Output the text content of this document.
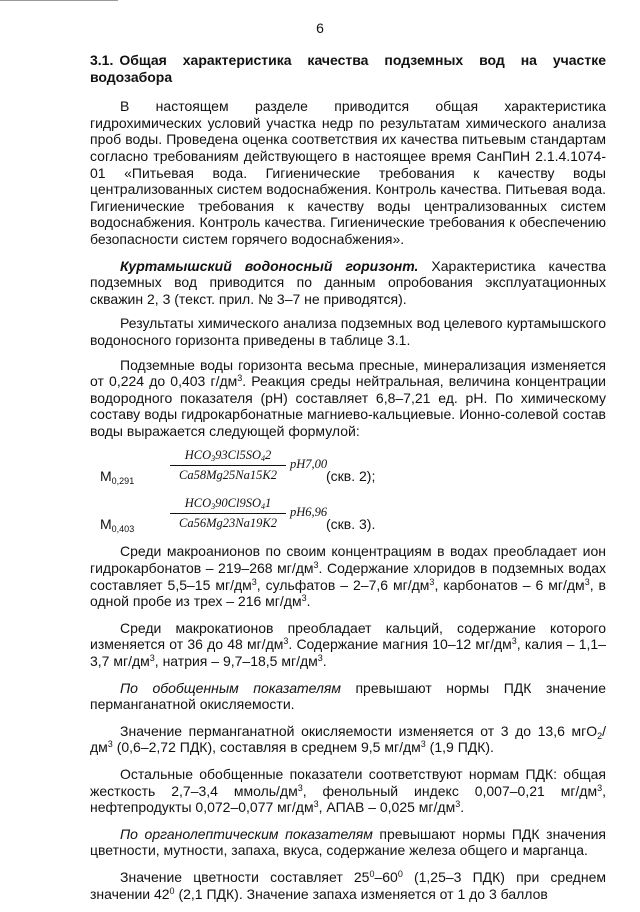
6
3.1. Общая характеристика качества подземных вод на участке водозабора

В настоящем разделе приводится общая характеристика гидрохимических условий участка недр по результатам химического анализа проб воды. Проведена оценка соответствия их качества питьевым стандартам согласно требованиям действующего в настоящее время СанПиН 2.1.4.1074-01 «Питьевая вода. Гигиенические требования к качеству воды централизованных систем водоснабжения. Контроль качества. Питьевая вода. Гигиенические требования к качеству воды централизованных систем водоснабжения. Контроль качества. Гигиенические требования к обеспечению безопасности систем горячего водоснабжения».

Куртамышский водоносный горизонт. Характеристика качества подземных вод приводится по данным опробования эксплуатационных скважин 2, 3 (текст. прил. № 3–7 не приводятся).

Результаты химического анализа подземных вод целевого куртамышского водоносного горизонта приведены в таблице 3.1.

Подземные воды горизонта весьма пресные, минерализация изменяется от 0,224 до 0,403 $г/дм^3$. Реакция среды нейтральная, величина концентрации водородного показателя (pH) составляет 6,8–7,21 ед. pH. По химическому составу воды гидрокарбонатные магниево-кальциевые. Ионно-солевой состав воды выражается следующей формулой:

$M_{0,291}$
$HCO_393Cl5SO_42$
Ca58Mg25Na15K2
pH7,00
(скв. 2);
$M_{0,403}$
$HCO_390Cl9SO_41$
Ca56Mg23Na19K2
pH6,96
(скв. 3).

Среди макроанионов по своим концентрациям в водах преобладает ион гидрокарбонатов – 219–268 $мг/дм^3$. Содержание хлоридов в подземных водах составляет 5,5–15 $мг/дм^3$, сульфатов – 2–7,6 $мг/дм^3$, карбонатов – 6 $мг/дм^3$, в одной пробе из трех – 216 $мг/дм^3$.

Среди макрокатионов преобладает кальций, содержание которого изменяется от 36 до 48 $мг/дм^3$. Содержание магния 10–12 $мг/дм^3$, калия – 1,1–3,7 $мг/дм^3$, натрия – 9,7–18,5 $мг/дм^3$.

По обобщенным показателям превышают нормы ПДК значение перманганатной окисляемости.

Значение перманганатной окисляемости изменяется от 3 до 13,6 $мгО_2/дм^3$ (0,6–2,72 ПДК), составляя в среднем 9,5 $мг/дм^3$ (1,9 ПДК).

Остальные обобщенные показатели соответствуют нормам ПДК: общая жесткость 2,7–3,4 ммоль/$дм^3$, фенольный индекс 0,007–0,21 $мг/дм^3$, нефтепродукты 0,072–0,077 $мг/дм^3$, АПАВ – 0,025 $мг/дм^3$.

По органолептическим показателям превышают нормы ПДК значения цветности, мутности, запаха, вкуса, содержание железа общего и марганца.

Значение цветности составляет $25^0-60^0$ (1,25–3 ПДК) при среднем значении $42^0$ (2,1 ПДК). Значение запаха изменяется от 1 до 3 баллов
